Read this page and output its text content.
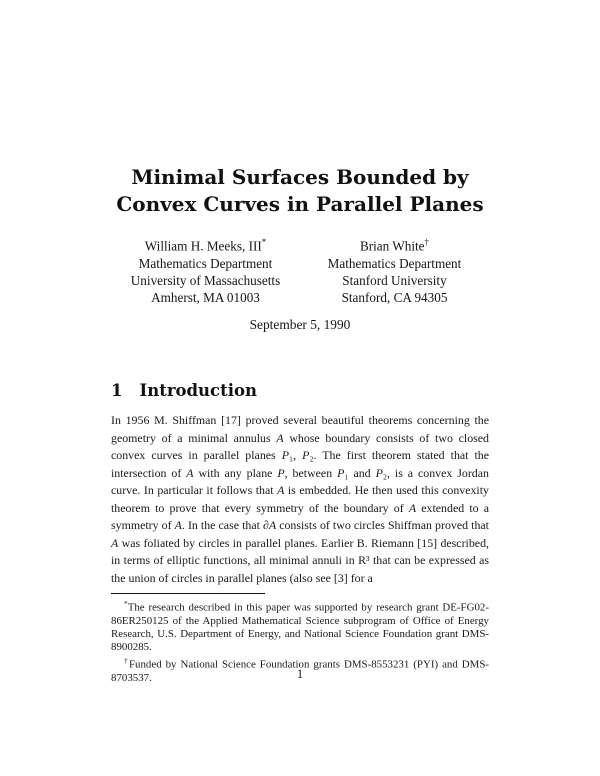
Minimal Surfaces Bounded by
Convex Curves in Parallel Planes
William H. Meeks, III*
Mathematics Department
University of Massachusetts
Amherst, MA 01003
Brian White†
Mathematics Department
Stanford University
Stanford, CA 94305
September 5, 1990
1 Introduction

In 1956 M. Shiffman [17] proved several beautiful theorems concerning the geometry of a minimal annulus A whose boundary consists of two closed convex curves in parallel planes P₁, P₂. The first theorem stated that the intersection of A with any plane P, between P₁ and P₂, is a convex Jordan curve. In particular it follows that A is embedded. He then used this convexity theorem to prove that every symmetry of the boundary of A extended to a symmetry of A. In the case that ∂A consists of two circles Shiffman proved that A was foliated by circles in parallel planes. Earlier B. Riemann [15] described, in terms of elliptic functions, all minimal annuli in R³ that can be expressed as the union of circles in parallel planes (also see [3] for a

*The research described in this paper was supported by research grant DE-FG02-86ER250125 of the Applied Mathematical Science subprogram of Office of Energy Research, U.S. Department of Energy, and National Science Foundation grant DMS-8900285.

†Funded by National Science Foundation grants DMS-8553231 (PYI) and DMS-8703537.	1
